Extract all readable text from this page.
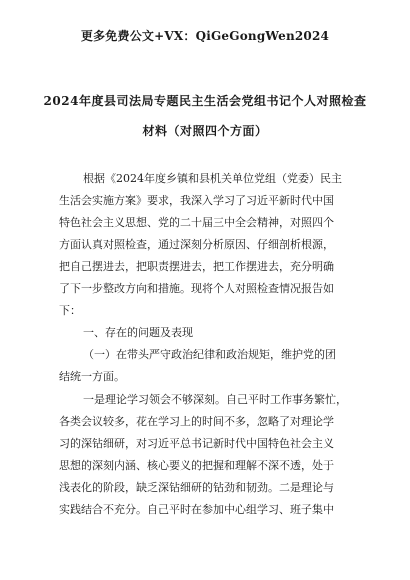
更多免费公文+VX：QiGeGongWen2024
2024年度县司法局专题民主生活会党组书记个人对照检查
材料（对照四个方面）
根据《2024年度乡镇和县机关单位党组（党委）民主
生活会实施方案》要求，我深入学习了习近平新时代中国
特色社会主义思想、党的二十届三中全会精神，对照四个
方面认真对照检查，通过深刻分析原因、仔细剖析根源，
把自己摆进去，把职责摆进去，把工作摆进去，充分明确
了下一步整改方向和措施。现将个人对照检查情况报告如
下：
一、存在的问题及表现
（一）在带头严守政治纪律和政治规矩，维护党的团
结统一方面。
一是理论学习领会不够深刻。自己平时工作事务繁忙，
各类会议较多，花在学习上的时间不多，忽略了对理论学
习的深钻细研，对习近平总书记新时代中国特色社会主义
思想的深刻内涵、核心要义的把握和理解不深不透，处于
浅表化的阶段，缺乏深钻细研的钻劲和韧劲。二是理论与
实践结合不充分。自己平时在参加中心组学习、班子集中
